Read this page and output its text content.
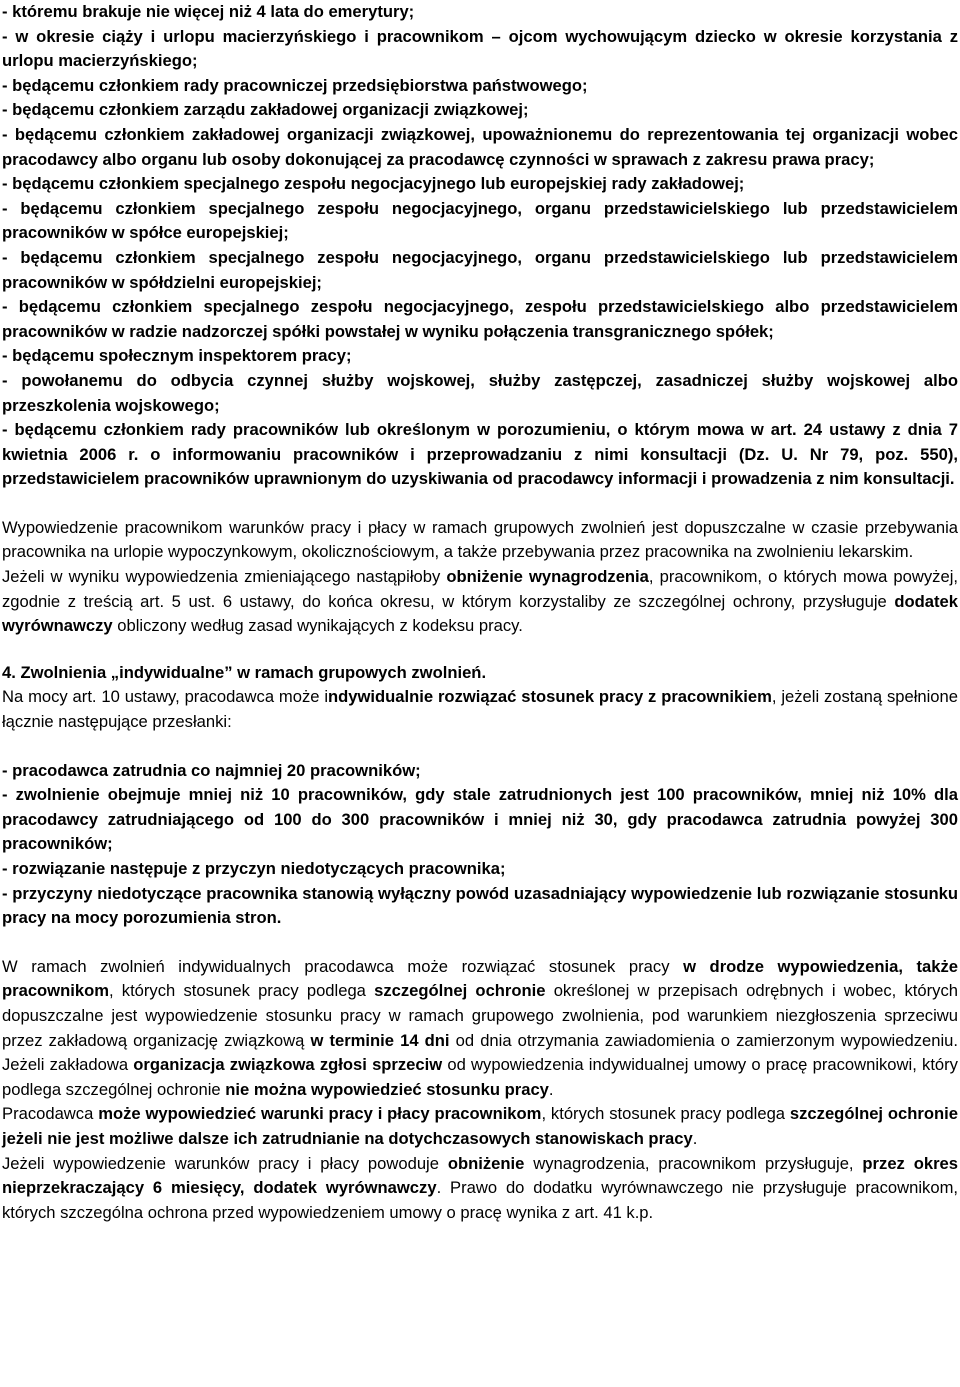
- któremu brakuje nie więcej niż 4 lata do emerytury;

- w okresie ciąży i urlopu macierzyńskiego i pracownikom – ojcom wychowującym dziecko w okresie korzystania z urlopu macierzyńskiego;

- będącemu członkiem rady pracowniczej przedsiębiorstwa państwowego;

- będącemu członkiem zarządu zakładowej organizacji związkowej;

- będącemu członkiem zakładowej organizacji związkowej, upoważnionemu do reprezentowania tej organizacji wobec pracodawcy albo organu lub osoby dokonującej za pracodawcę czynności w sprawach z zakresu prawa pracy;

- będącemu członkiem specjalnego zespołu negocjacyjnego lub europejskiej rady zakładowej;

- będącemu członkiem specjalnego zespołu negocjacyjnego, organu przedstawicielskiego lub przedstawicielem pracowników w spółce europejskiej;

- będącemu członkiem specjalnego zespołu negocjacyjnego, organu przedstawicielskiego lub przedstawicielem pracowników w spółdzielni europejskiej;

- będącemu członkiem specjalnego zespołu negocjacyjnego, zespołu przedstawicielskiego albo przedstawicielem pracowników w radzie nadzorczej spółki powstałej w wyniku połączenia transgranicznego spółek;

- będącemu społecznym inspektorem pracy;

- powołanemu do odbycia czynnej służby wojskowej, służby zastępczej, zasadniczej służby wojskowej albo przeszkolenia wojskowego;

- będącemu członkiem rady pracowników lub określonym w porozumieniu, o którym mowa w art. 24 ustawy z dnia 7 kwietnia 2006 r. o informowaniu pracowników i przeprowadzaniu z nimi konsultacji (Dz. U. Nr 79, poz. 550), przedstawicielem pracowników uprawnionym do uzyskiwania od pracodawcy informacji i prowadzenia z nim konsultacji.

Wypowiedzenie pracownikom warunków pracy i płacy w ramach grupowych zwolnień jest dopuszczalne w czasie przebywania pracownika na urlopie wypoczynkowym, okolicznościowym, a także przebywania przez pracownika na zwolnieniu lekarskim.

Jeżeli w wyniku wypowiedzenia zmieniającego nastąpiłoby obniżenie wynagrodzenia, pracownikom, o których mowa powyżej, zgodnie z treścią art. 5 ust. 6 ustawy, do końca okresu, w którym korzystaliby ze szczególnej ochrony, przysługuje dodatek wyrównawczy obliczony według zasad wynikających z kodeksu pracy.

4. Zwolnienia „indywidualne” w ramach grupowych zwolnień.

Na mocy art. 10 ustawy, pracodawca może indywidualnie rozwiązać stosunek pracy z pracownikiem, jeżeli zostaną spełnione łącznie następujące przesłanki:

- pracodawca zatrudnia co najmniej 20 pracowników;

- zwolnienie obejmuje mniej niż 10 pracowników, gdy stale zatrudnionych jest 100 pracowników, mniej niż 10% dla pracodawcy zatrudniającego od 100 do 300 pracowników i mniej niż 30, gdy pracodawca zatrudnia powyżej 300 pracowników;

- rozwiązanie następuje z przyczyn niedotyczących pracownika;

- przyczyny niedotyczące pracownika stanowią wyłączny powód uzasadniający wypowiedzenie lub rozwiązanie stosunku pracy na mocy porozumienia stron.

W ramach zwolnień indywidualnych pracodawca może rozwiązać stosunek pracy w drodze wypowiedzenia, także pracownikom, których stosunek pracy podlega szczególnej ochronie określonej w przepisach odrębnych i wobec, których dopuszczalne jest wypowiedzenie stosunku pracy w ramach grupowego zwolnienia, pod warunkiem niezgłoszenia sprzeciwu przez zakładową organizację związkową w terminie 14 dni od dnia otrzymania zawiadomienia o zamierzonym wypowiedzeniu. Jeżeli zakładowa organizacja związkowa zgłosi sprzeciw od wypowiedzenia indywidualnej umowy o pracę pracownikowi, który podlega szczególnej ochronie nie można wypowiedzieć stosunku pracy.

Pracodawca może wypowiedzieć warunki pracy i płacy pracownikom, których stosunek pracy podlega szczególnej ochronie jeżeli nie jest możliwe dalsze ich zatrudnianie na dotychczasowych stanowiskach pracy.

Jeżeli wypowiedzenie warunków pracy i płacy powoduje obniżenie wynagrodzenia, pracownikom przysługuje, przez okres nieprzekraczający 6 miesięcy, dodatek wyrównawczy. Prawo do dodatku wyrównawczego nie przysługuje pracownikom, których szczególna ochrona przed wypowiedzeniem umowy o pracę wynika z art. 41 k.p.
